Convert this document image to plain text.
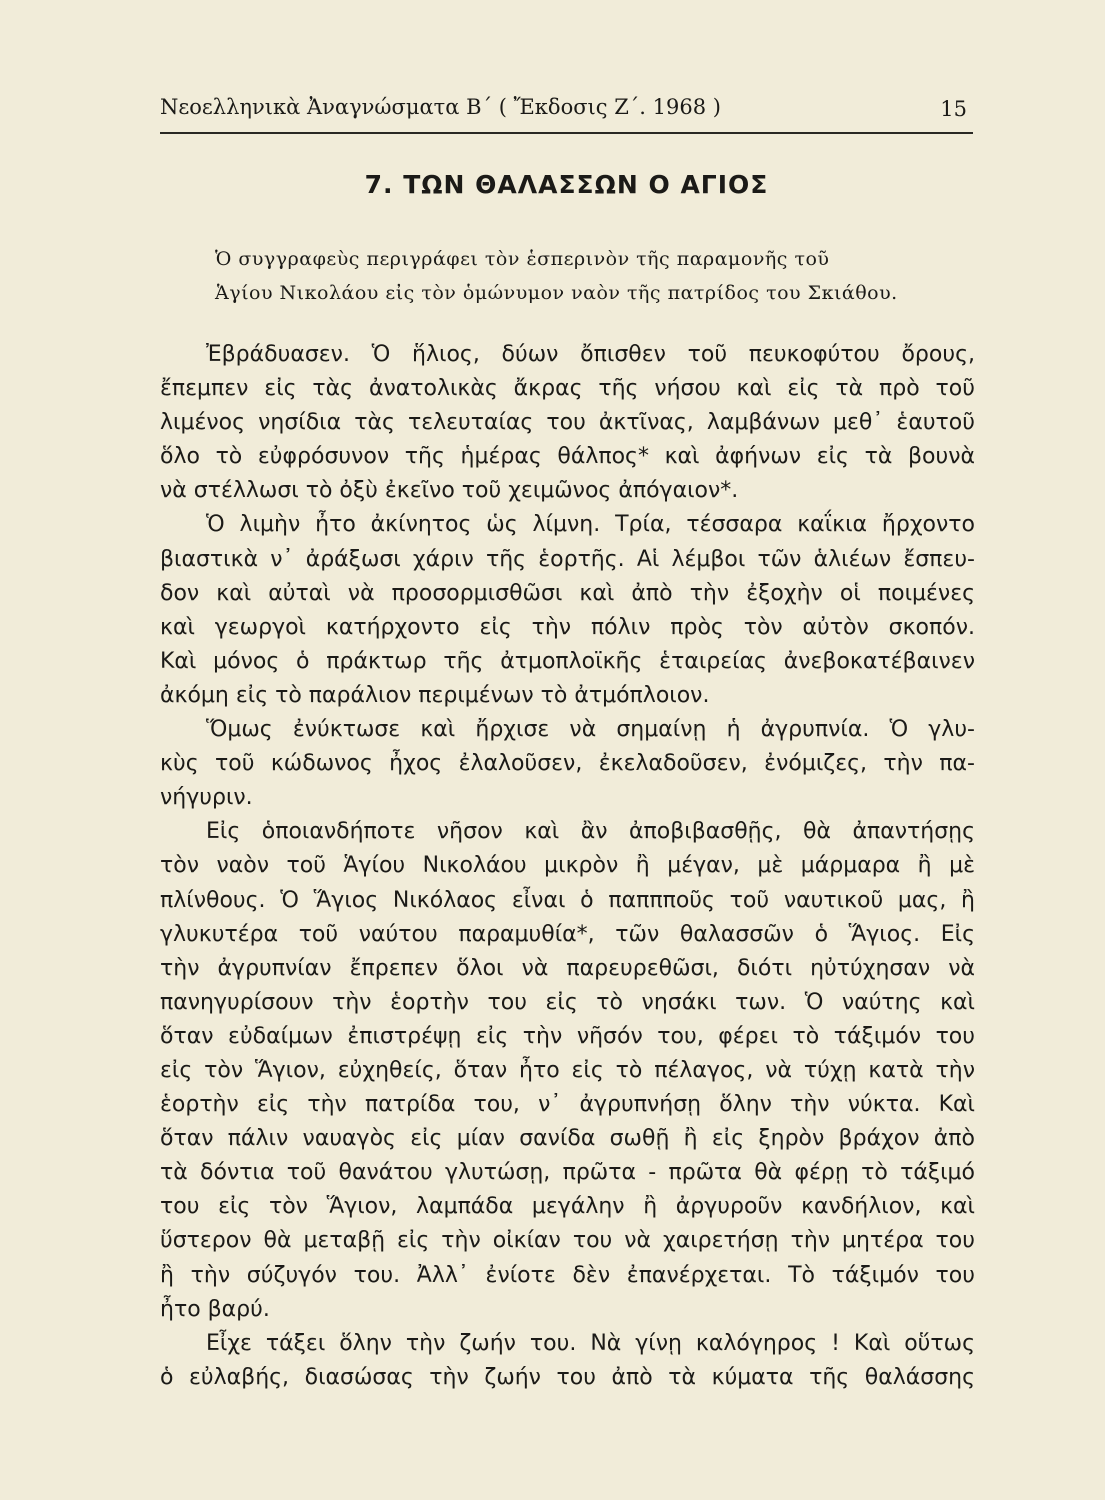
Νεοελληνικὰ Ἀναγνώσματα Β΄ ( Ἔκδοσις Ζ΄. 1968 )	15
7. ΤΩΝ ΘΑΛΑΣΣΩΝ Ο ΑΓΙΟΣ
Ὁ συγγραφεὺς περιγράφει τὸν ἑσπερινὸν τῆς παραμονῆς τοῦ
Ἁγίου Νικολάου εἰς τὸν ὁμώνυμον ναὸν τῆς πατρίδος του Σκιάθου.
Ἐβράδυασεν. Ὁ ἥλιος, δύων ὄπισθεν τοῦ πευκοφύτου ὄρους,
ἔπεμπεν εἰς τὰς ἀνατολικὰς ἄκρας τῆς νήσου καὶ εἰς τὰ πρὸ τοῦ
λιμένος νησίδια τὰς τελευταίας του ἀκτῖνας, λαμβάνων μεθ᾿ ἑαυτοῦ
ὅλο τὸ εὐφρόσυνον τῆς ἡμέρας θάλπος* καὶ ἀφήνων εἰς τὰ βουνὰ
νὰ στέλλωσι τὸ ὀξὺ ἐκεῖνο τοῦ χειμῶνος ἀπόγαιον*.
Ὁ λιμὴν ἦτο ἀκίνητος ὡς λίμνη. Τρία, τέσσαρα καΐκια ἤρχοντο
βιαστικὰ ν᾿ ἀράξωσι χάριν τῆς ἑορτῆς. Αἱ λέμβοι τῶν ἁλιέων ἔσπευ-
δον καὶ αὐταὶ νὰ προσορμισθῶσι καὶ ἀπὸ τὴν ἐξοχὴν οἱ ποιμένες
καὶ γεωργοὶ κατήρχοντο εἰς τὴν πόλιν πρὸς τὸν αὐτὸν σκοπόν.
Καὶ μόνος ὁ πράκτωρ τῆς ἀτμοπλοϊκῆς ἑταιρείας ἀνεβοκατέβαινεν
ἀκόμη εἰς τὸ παράλιον περιμένων τὸ ἀτμόπλοιον.
Ὅμως ἐνύκτωσε καὶ ἤρχισε νὰ σημαίνῃ ἡ ἀγρυπνία. Ὁ γλυ-
κὺς τοῦ κώδωνος ἦχος ἐλαλοῦσεν, ἐκελαδοῦσεν, ἐνόμιζες, τὴν πα-
νήγυριν.
Εἰς ὁποιανδήποτε νῆσον καὶ ἂν ἀποβιβασθῇς, θὰ ἀπαντήσῃς
τὸν ναὸν τοῦ Ἁγίου Νικολάου μικρὸν ἢ μέγαν, μὲ μάρμαρα ἢ μὲ
πλίνθους. Ὁ Ἅγιος Νικόλαος εἶναι ὁ παππποῦς τοῦ ναυτικοῦ μας, ἢ
γλυκυτέρα τοῦ ναύτου παραμυθία*, τῶν θαλασσῶν ὁ Ἅγιος. Εἰς
τὴν ἀγρυπνίαν ἔπρεπεν ὅλοι νὰ παρευρεθῶσι, διότι ηὐτύχησαν νὰ
πανηγυρίσουν τὴν ἑορτὴν του εἰς τὸ νησάκι των. Ὁ ναύτης καὶ
ὅταν εὐδαίμων ἐπιστρέψῃ εἰς τὴν νῆσόν του, φέρει τὸ τάξιμόν του
εἰς τὸν Ἅγιον, εὐχηθείς, ὅταν ἦτο εἰς τὸ πέλαγος, νὰ τύχῃ κατὰ τὴν
ἑορτὴν εἰς τὴν πατρίδα του, ν᾿ ἀγρυπνήσῃ ὅλην τὴν νύκτα. Καὶ
ὅταν πάλιν ναυαγὸς εἰς μίαν σανίδα σωθῇ ἢ εἰς ξηρὸν βράχον ἀπὸ
τὰ δόντια τοῦ θανάτου γλυτώσῃ, πρῶτα - πρῶτα θὰ φέρῃ τὸ τάξιμό
του εἰς τὸν Ἅγιον, λαμπάδα μεγάλην ἢ ἀργυροῦν κανδήλιον, καὶ
ὕστερον θὰ μεταβῇ εἰς τὴν οἰκίαν του νὰ χαιρετήσῃ τὴν μητέρα του
ἢ τὴν σύζυγόν του. Ἀλλ᾿ ἐνίοτε δὲν ἐπανέρχεται. Τὸ τάξιμόν του
ἦτο βαρύ.
Εἶχε τάξει ὅλην τὴν ζωήν του. Νὰ γίνῃ καλόγηρος ! Καὶ οὕτως
ὁ εὐλαβής, διασώσας τὴν ζωήν του ἀπὸ τὰ κύματα τῆς θαλάσσης
